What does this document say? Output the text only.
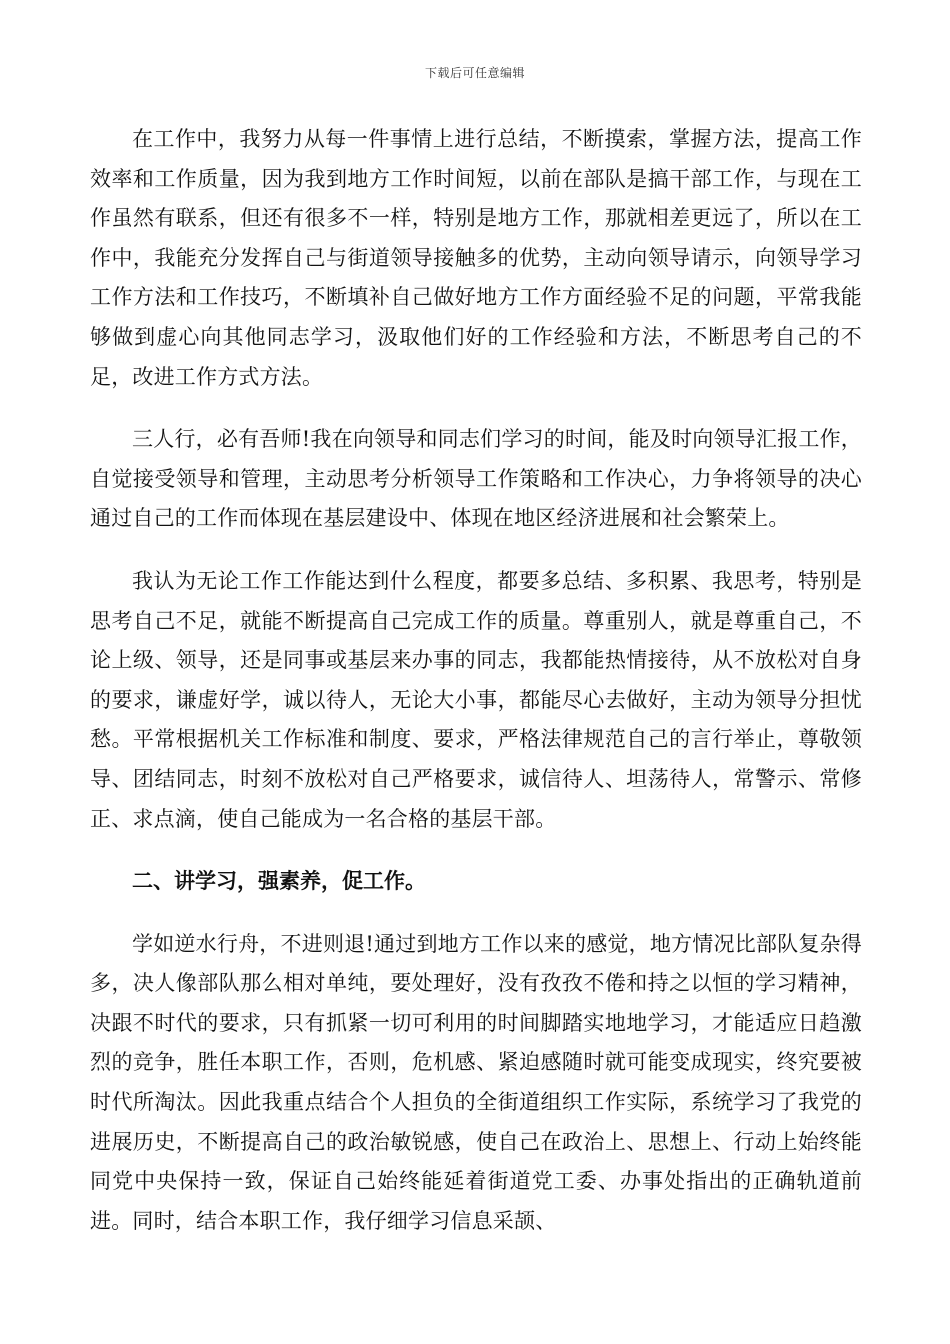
下载后可任意编辑

在工作中，我努力从每一件事情上进行总结，不断摸索，掌握方法，提高工作效率和工作质量，因为我到地方工作时间短，以前在部队是搞干部工作，与现在工作虽然有联系，但还有很多不一样，特别是地方工作，那就相差更远了，所以在工作中，我能充分发挥自己与街道领导接触多的优势，主动向领导请示，向领导学习工作方法和工作技巧，不断填补自己做好地方工作方面经验不足的问题，平常我能够做到虚心向其他同志学习，汲取他们好的工作经验和方法，不断思考自己的不足，改进工作方式方法。

三人行，必有吾师!我在向领导和同志们学习的时间，能及时向领导汇报工作，自觉接受领导和管理，主动思考分析领导工作策略和工作决心，力争将领导的决心通过自己的工作而体现在基层建设中、体现在地区经济进展和社会繁荣上。

我认为无论工作工作能达到什么程度，都要多总结、多积累、我思考，特别是思考自己不足，就能不断提高自己完成工作的质量。尊重别人，就是尊重自己，不论上级、领导，还是同事或基层来办事的同志，我都能热情接待，从不放松对自身的要求，谦虚好学，诚以待人，无论大小事，都能尽心去做好，主动为领导分担忧愁。平常根据机关工作标准和制度、要求，严格法律规范自己的言行举止，尊敬领导、团结同志，时刻不放松对自己严格要求，诚信待人、坦荡待人，常警示、常修正、求点滴，使自己能成为一名合格的基层干部。

二、讲学习，强素养，促工作。

学如逆水行舟，不进则退!通过到地方工作以来的感觉，地方情况比部队复杂得多，决人像部队那么相对单纯，要处理好，没有孜孜不倦和持之以恒的学习精神，决跟不时代的要求，只有抓紧一切可利用的时间脚踏实地地学习，才能适应日趋激烈的竞争，胜任本职工作，否则，危机感、紧迫感随时就可能变成现实，终究要被时代所淘汰。因此我重点结合个人担负的全街道组织工作实际，系统学习了我党的进展历史，不断提高自己的政治敏锐感，使自己在政治上、思想上、行动上始终能同党中央保持一致，保证自己始终能延着街道党工委、办事处指出的正确轨道前进。同时，结合本职工作，我仔细学习信息采颉、
